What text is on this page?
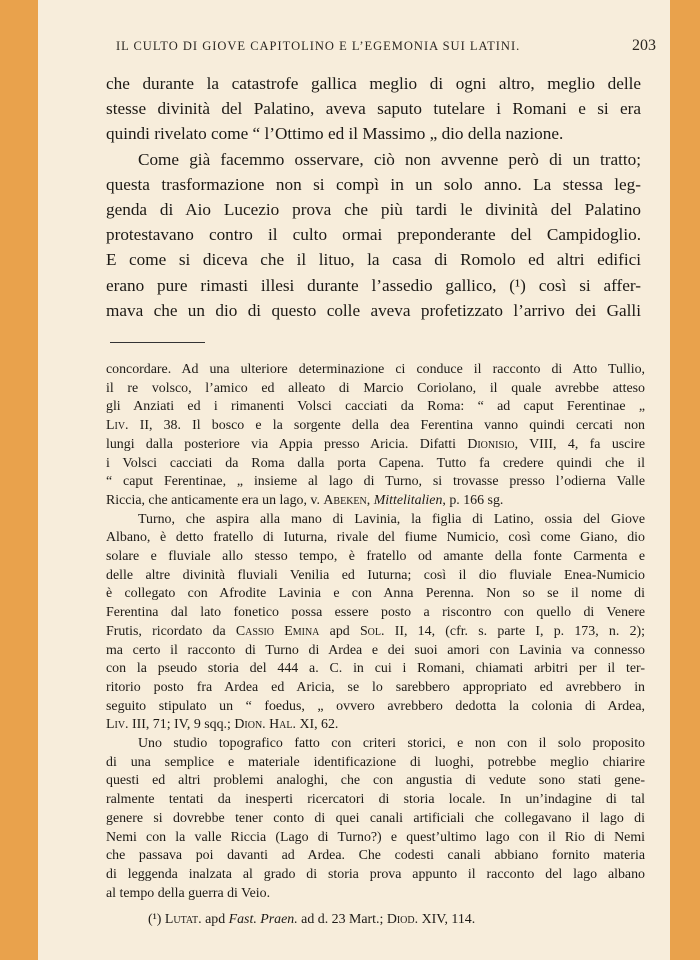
IL CULTO DI GIOVE CAPITOLINO E L’EGEMONIA SUI LATINI.	203
che durante la catastrofe gallica meglio di ogni altro, meglio delle
stesse divinità del Palatino, aveva saputo tutelare i Romani e si era
quindi rivelato come “ l’Ottimo ed il Massimo „ dio della nazione.
Come già facemmo osservare, ciò non avvenne però di un tratto;
questa trasformazione non si compì in un solo anno. La stessa leg-
genda di Aio Lucezio prova che più tardi le divinità del Palatino
protestavano contro il culto ormai preponderante del Campidoglio.
E come si diceva che il lituo, la casa di Romolo ed altri edifici
erano pure rimasti illesi durante l’assedio gallico, (¹) così si affer-
mava che un dio di questo colle aveva profetizzato l’arrivo dei Galli
concordare. Ad una ulteriore determinazione ci conduce il racconto di Atto Tullio,
il re volsco, l’amico ed alleato di Marcio Coriolano, il quale avrebbe atteso
gli Anziati ed i rimanenti Volsci cacciati da Roma: “ ad caput Ferentinae „
Liv. II, 38. Il bosco e la sorgente della dea Ferentina vanno quindi cercati non
lungi dalla posteriore via Appia presso Aricia. Difatti Dionisio, VIII, 4, fa uscire
i Volsci cacciati da Roma dalla porta Capena. Tutto fa credere quindi che il
“ caput Ferentinae, „ insieme al lago di Turno, si trovasse presso l’odierna Valle
Riccia, che anticamente era un lago, v. Abeken, Mittelitalien, p. 166 sg.
Turno, che aspira alla mano di Lavinia, la figlia di Latino, ossia del Giove
Albano, è detto fratello di Iuturna, rivale del fiume Numicio, così come Giano, dio
solare e fluviale allo stesso tempo, è fratello od amante della fonte Carmenta e
delle altre divinità fluviali Venilia ed Iuturna; così il dio fluviale Enea-Numicio
è collegato con Afrodite Lavinia e con Anna Perenna. Non so se il nome di
Ferentina dal lato fonetico possa essere posto a riscontro con quello di Venere
Frutis, ricordato da Cassio Emina apd Sol. II, 14, (cfr. s. parte I, p. 173, n. 2);
ma certo il racconto di Turno di Ardea e dei suoi amori con Lavinia va connesso
con la pseudo storia del 444 a. C. in cui i Romani, chiamati arbitri per il ter-
ritorio posto fra Ardea ed Aricia, se lo sarebbero appropriato ed avrebbero in
seguito stipulato un “ foedus, „ ovvero avrebbero dedotta la colonia di Ardea,
Liv. III, 71; IV, 9 sqq.; Dion. Hal. XI, 62.
Uno studio topografico fatto con criteri storici, e non con il solo proposito
di una semplice e materiale identificazione di luoghi, potrebbe meglio chiarire
questi ed altri problemi analoghi, che con angustia di vedute sono stati gene-
ralmente tentati da inesperti ricercatori di storia locale. In un’indagine di tal
genere si dovrebbe tener conto di quei canali artificiali che collegavano il lago di
Nemi con la valle Riccia (Lago di Turno?) e quest’ultimo lago con il Rio di Nemi
che passava poi davanti ad Ardea. Che codesti canali abbiano fornito materia
di leggenda inalzata al grado di storia prova appunto il racconto del lago albano
al tempo della guerra di Veio.
(¹) Lutat. apd Fast. Praen. ad d. 23 Mart.; Diod. XIV, 114.
